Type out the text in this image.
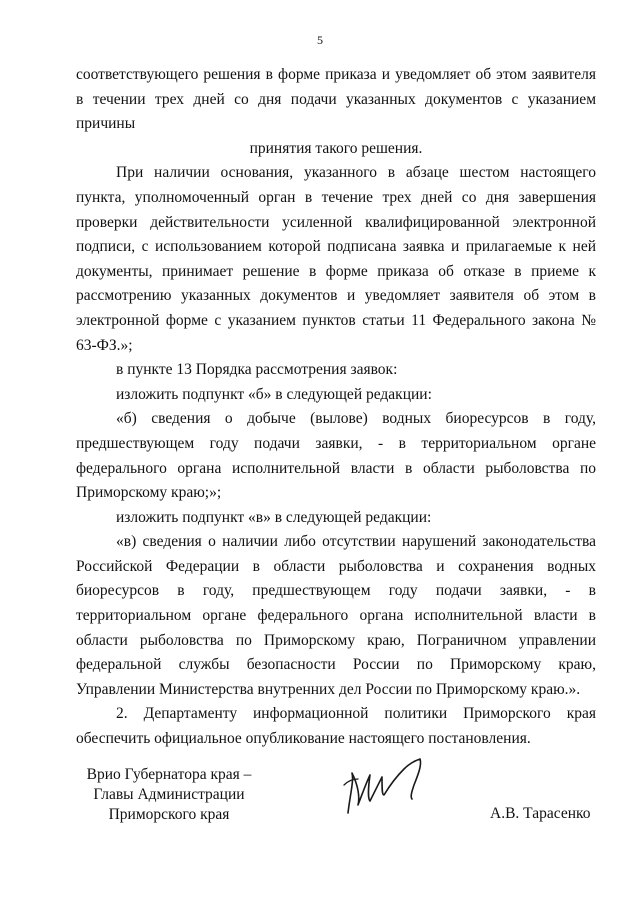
5

соответствующего решения в форме приказа и уведомляет об этом заявителя в течении трех дней со дня подачи указанных документов с указанием причины

принятия такого решения.

При наличии основания, указанного в абзаце шестом настоящего пункта, уполномоченный орган в течение трех дней со дня завершения проверки действительности усиленной квалифицированной электронной подписи, с использованием которой подписана заявка и прилагаемые к ней документы, принимает решение в форме приказа об отказе в приеме к рассмотрению указанных документов и уведомляет заявителя об этом в электронной форме с указанием пунктов статьи 11 Федерального закона № 63-ФЗ.»;

в пункте 13 Порядка рассмотрения заявок:

изложить подпункт «б» в следующей редакции:

«б) сведения о добыче (вылове) водных биоресурсов в году, предшествующем году подачи заявки, - в территориальном органе федерального органа исполнительной власти в области рыболовства по Приморскому краю;»;

изложить подпункт «в» в следующей редакции:

«в) сведения о наличии либо отсутствии нарушений законодательства Российской Федерации в области рыболовства и сохранения водных биоресурсов в году, предшествующем году подачи заявки, - в территориальном органе федерального органа исполнительной власти в области рыболовства по Приморскому краю, Пограничном управлении федеральной службы безопасности России по Приморскому краю, Управлении Министерства внутренних дел России по Приморскому краю.».

2. Департаменту информационной политики Приморского края обеспечить официальное опубликование настоящего постановления.

Врио Губернатора края –
Главы Администрации
Приморского края	А.В. Тарасенко
